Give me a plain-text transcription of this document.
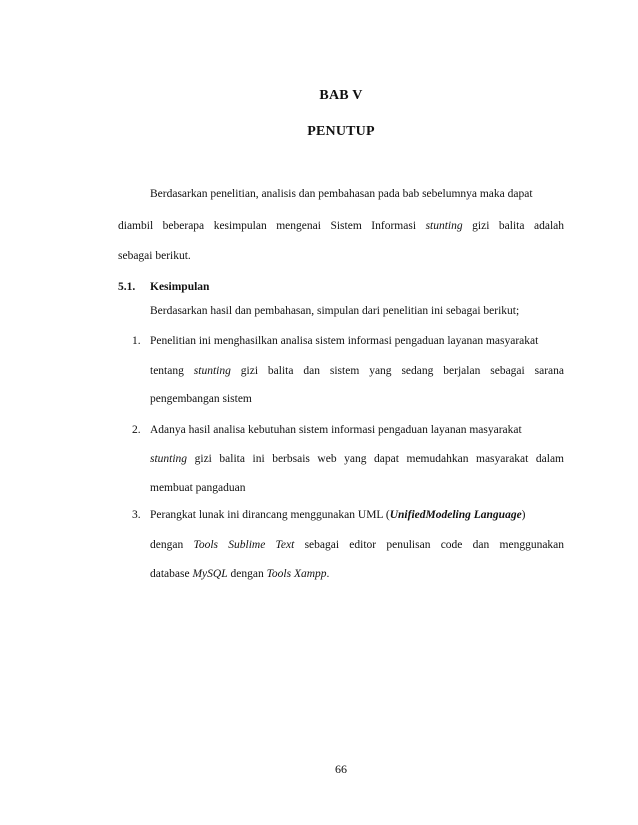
BAB V
PENUTUP
Berdasarkan penelitian, analisis dan pembahasan pada bab sebelumnya maka dapat
diambil beberapa kesimpulan mengenai Sistem Informasi stunting gizi balita adalah
sebagai berikut.
5.1. Kesimpulan
Berdasarkan hasil dan pembahasan, simpulan dari penelitian ini sebagai berikut;
1. Penelitian ini menghasilkan analisa sistem informasi pengaduan layanan masyarakat
tentang stunting gizi balita dan sistem yang sedang berjalan sebagai sarana
pengembangan sistem
2. Adanya hasil analisa kebutuhan sistem informasi pengaduan layanan masyarakat
stunting gizi balita ini berbsais web yang dapat memudahkan masyarakat dalam
membuat pangaduan
3. Perangkat lunak ini dirancang menggunakan UML (UnifiedModeling Language)
dengan Tools Sublime Text sebagai editor penulisan code dan menggunakan
database MySQL dengan Tools Xampp.
66
